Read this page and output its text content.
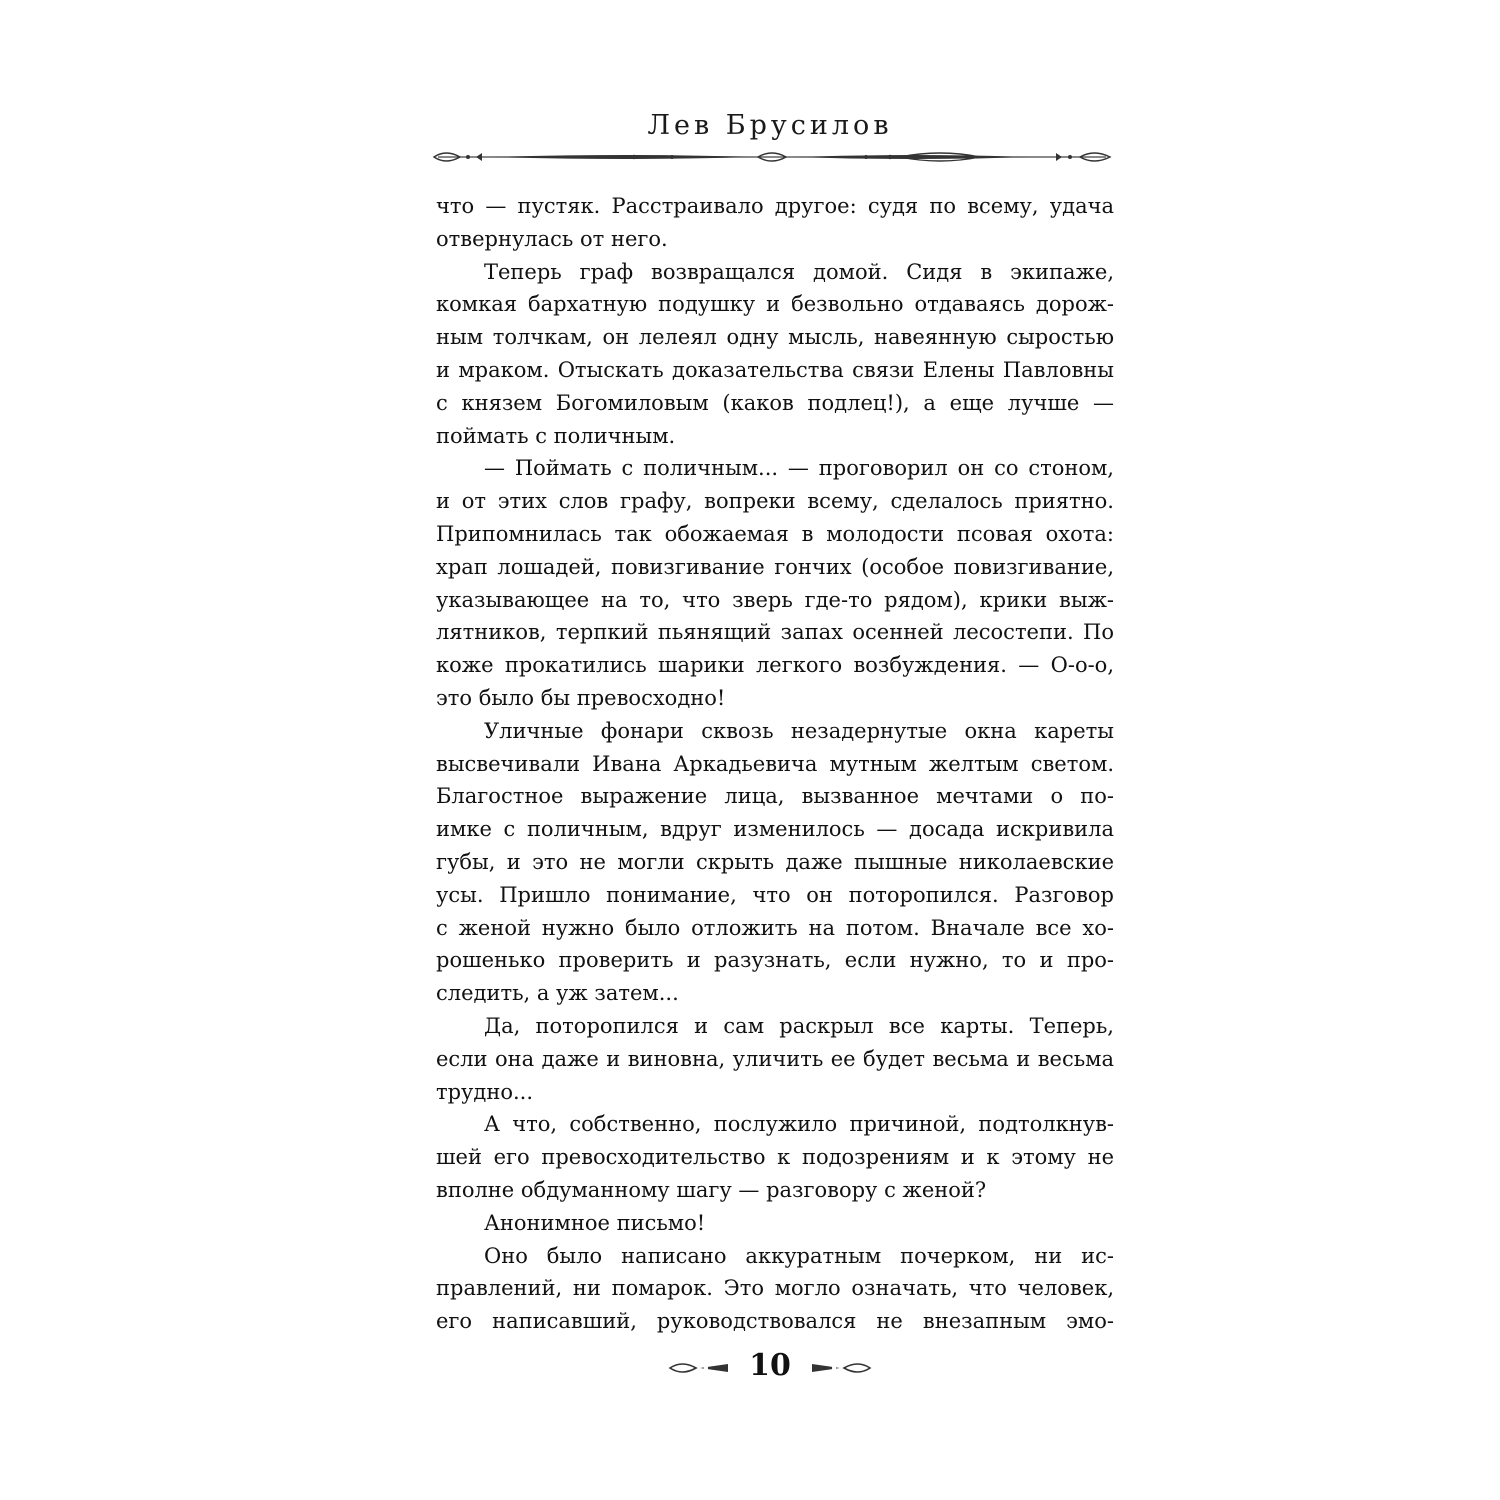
Лев Брусилов
что — пустяк. Расстраивало другое: судя по всему, удача
отвернулась от него.
Теперь граф возвращался домой. Сидя в экипаже,
комкая бархатную подушку и безвольно отдаваясь дорож-
ным толчкам, он лелеял одну мысль, навеянную сыростью
и мраком. Отыскать доказательства связи Елены Павловны
с князем Богомиловым (каков подлец!), а еще лучше —
поймать с поличным.
— Поймать с поличным... — проговорил он со стоном,
и от этих слов графу, вопреки всему, сделалось приятно.
Припомнилась так обожаемая в молодости псовая охота:
храп лошадей, повизгивание гончих (особое повизгивание,
указывающее на то, что зверь где-то рядом), крики выж-
лятников, терпкий пьянящий запах осенней лесостепи. По
коже прокатились шарики легкого возбуждения. — О-о-о,
это было бы превосходно!
Уличные фонари сквозь незадернутые окна кареты
высвечивали Ивана Аркадьевича мутным желтым светом.
Благостное выражение лица, вызванное мечтами о по-
имке с поличным, вдруг изменилось — досада искривила
губы, и это не могли скрыть даже пышные николаевские
усы. Пришло понимание, что он поторопился. Разговор
с женой нужно было отложить на потом. Вначале все хо-
рошенько проверить и разузнать, если нужно, то и про-
следить, а уж затем...
Да, поторопился и сам раскрыл все карты. Теперь,
если она даже и виновна, уличить ее будет весьма и весьма
трудно...
А что, собственно, послужило причиной, подтолкнув-
шей его превосходительство к подозрениям и к этому не
вполне обдуманному шагу — разговору с женой?
Анонимное письмо!
Оно было написано аккуратным почерком, ни ис-
правлений, ни помарок. Это могло означать, что человек,
его написавший, руководствовался не внезапным эмо-
10
